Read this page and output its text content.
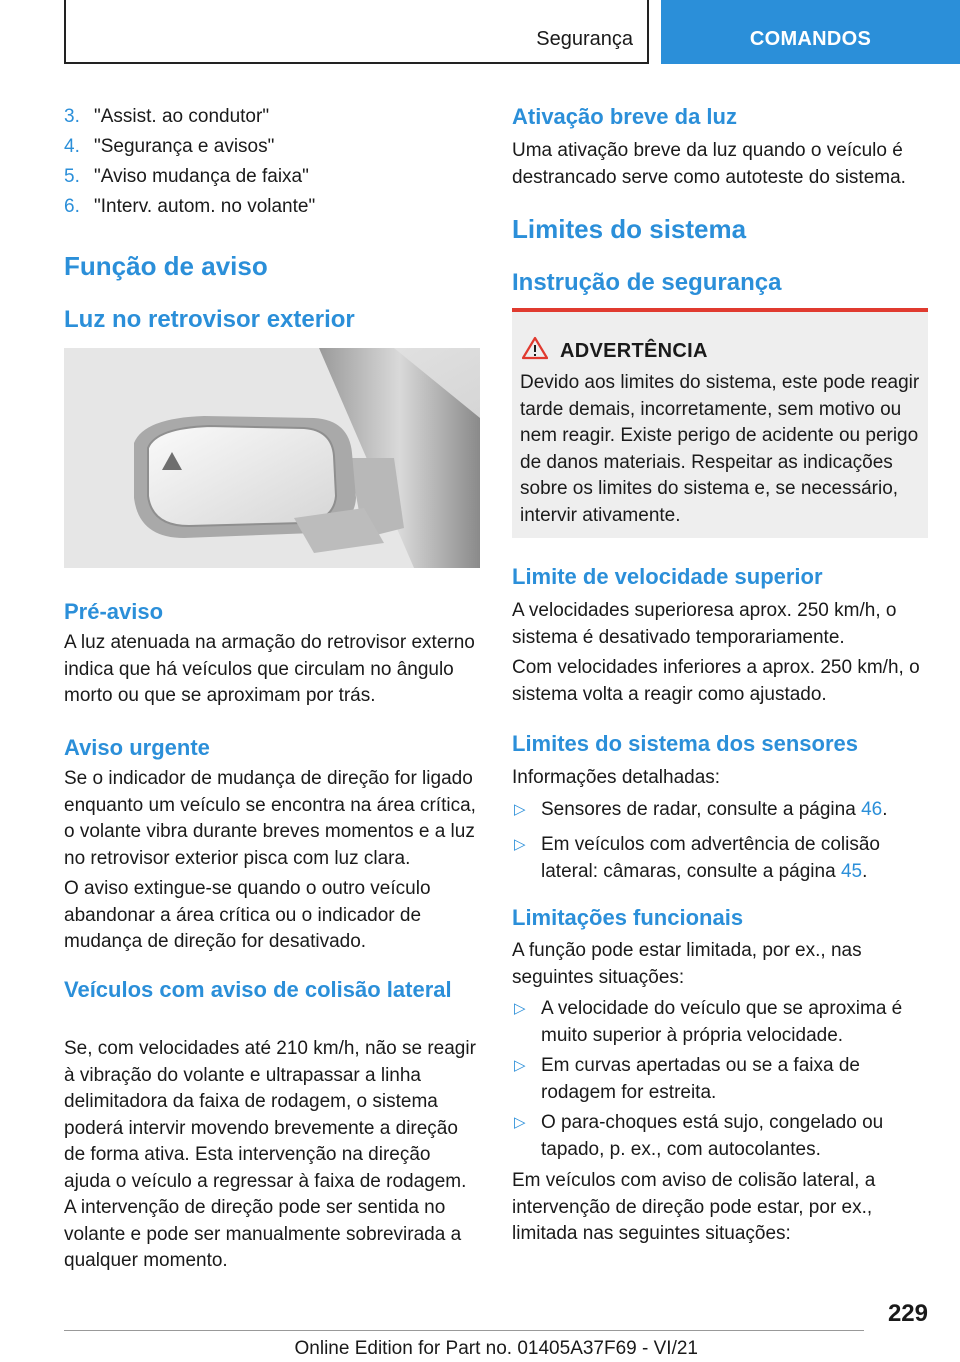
Segurança	COMANDOS
3. "Assist. ao condutor"
4. "Segurança e avisos"
5. "Aviso mudança de faixa"
6. "Interv. autom. no volante"
Função de aviso
Luz no retrovisor exterior
Pré-aviso
A luz atenuada na armação do retrovisor externo indica que há veículos que circulam no ângulo morto ou que se aproximam por trás.
Aviso urgente
Se o indicador de mudança de direção for ligado enquanto um veículo se encontra na área crítica, o volante vibra durante breves momentos e a luz no retrovisor exterior pisca com luz clara.
O aviso extingue-se quando o outro veículo abandonar a área crítica ou o indicador de mudança de direção for desativado.
Veículos com aviso de colisão lateral
Se, com velocidades até 210 km/h, não se reagir à vibração do volante e ultrapassar a linha delimitadora da faixa de rodagem, o sistema poderá intervir movendo brevemente a direção de forma ativa. Esta intervenção na direção ajuda o veículo a regressar à faixa de rodagem. A intervenção de direção pode ser sentida no volante e pode ser manualmente sobrevirada a qualquer momento.
Ativação breve da luz
Uma ativação breve da luz quando o veículo é destrancado serve como autoteste do sistema.
Limites do sistema
Instrução de segurança
ADVERTÊNCIA
Devido aos limites do sistema, este pode reagir tarde demais, incorretamente, sem motivo ou nem reagir. Existe perigo de acidente ou perigo de danos materiais. Respeitar as indicações sobre os limites do sistema e, se necessário, intervir ativamente.
Limite de velocidade superior
A velocidades superioresa aprox. 250 km/h, o sistema é desativado temporariamente.
Com velocidades inferiores a aprox. 250 km/h, o sistema volta a reagir como ajustado.
Limites do sistema dos sensores
Informações detalhadas:
▷ Sensores de radar, consulte a página 46.
▷ Em veículos com advertência de colisão lateral: câmaras, consulte a página 45.
Limitações funcionais
A função pode estar limitada, por ex., nas seguintes situações:
▷ A velocidade do veículo que se aproxima é muito superior à própria velocidade.
▷ Em curvas apertadas ou se a faixa de rodagem for estreita.
▷ O para-choques está sujo, congelado ou tapado, p. ex., com autocolantes.
Em veículos com aviso de colisão lateral, a intervenção de direção pode estar, por ex., limitada nas seguintes situações:
229
Online Edition for Part no. 01405A37F69 - VI/21
